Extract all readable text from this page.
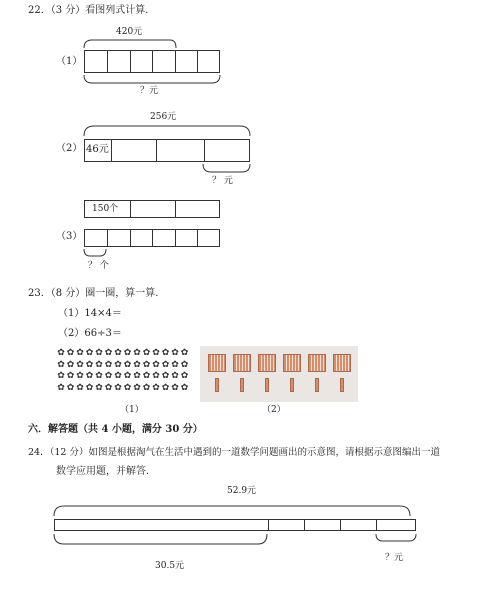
22．（3 分）看图列式计算．
（1）
420元
？元
（2）
256元
46元
？ 元
150个
（3）
？ 个
23．（8 分）圈一圈，算一算．
（1）14×4＝
（2）66÷3＝
✿ ✿ ✿ ✿ ✿ ✿ ✿ ✿ ✿ ✿ ✿ ✿ ✿ ✿
✿ ✿ ✿ ✿ ✿ ✿ ✿ ✿ ✿ ✿ ✿ ✿ ✿ ✿
✿ ✿ ✿ ✿ ✿ ✿ ✿ ✿ ✿ ✿ ✿ ✿ ✿ ✿
✿ ✿ ✿ ✿ ✿ ✿ ✿ ✿ ✿ ✿ ✿ ✿ ✿ ✿
（1）	（2）
六．解答题（共 4 小题，满分 30 分）
24．（12 分）如图是根据淘气在生活中遇到的一道数学问题画出的示意图，请根据示意图编出一道
数学应用题，并解答．
52.9元
？元
30.5元
